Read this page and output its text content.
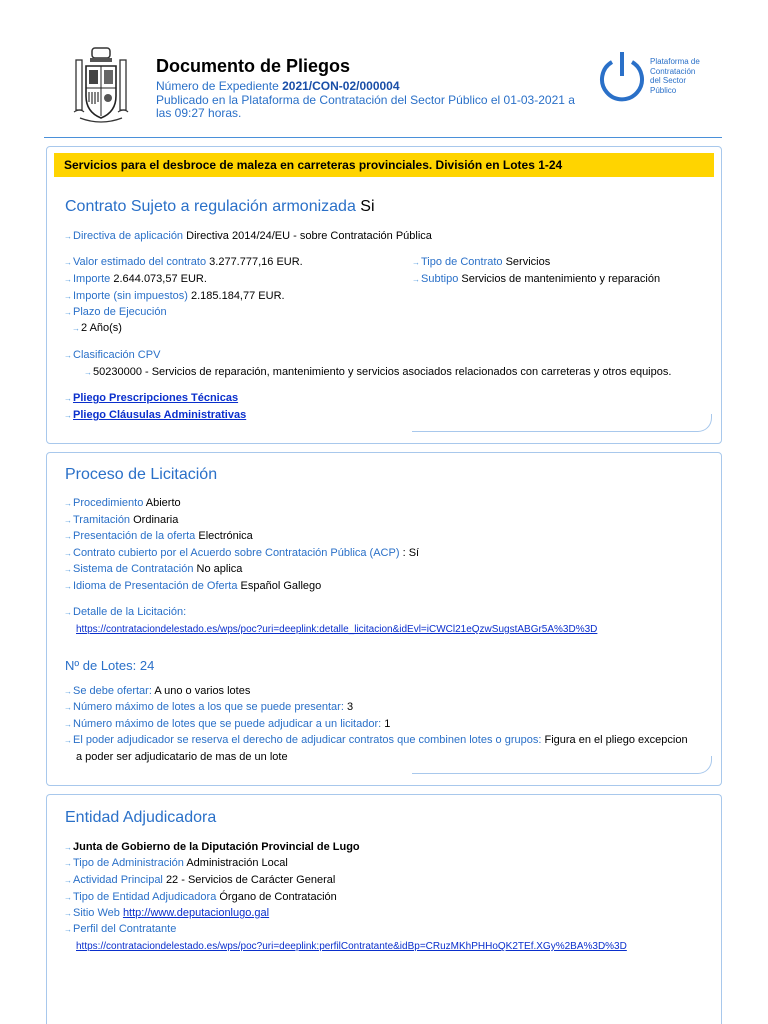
Documento de Pliegos
Número de Expediente 2021/CON-02/000004
Publicado en la Plataforma de Contratación del Sector Público el 01-03-2021 a
las 09:27 horas.
Plataforma de
Contratación
del Sector
Público
Servicios para el desbroce de maleza en carreteras provinciales. División en Lotes 1-24
Contrato Sujeto a regulación armonizada Si
→Directiva de aplicación Directiva 2014/24/EU - sobre Contratación Pública
→Valor estimado del contrato 3.277.777,16 EUR.
→Importe 2.644.073,57 EUR.
→Importe (sin impuestos) 2.185.184,77 EUR.
→Plazo de Ejecución
→2 Año(s)
→Tipo de Contrato Servicios
→Subtipo Servicios de mantenimiento y reparación
→Clasificación CPV
→50230000 - Servicios de reparación, mantenimiento y servicios asociados relacionados con carreteras y otros equipos.
→Pliego Prescripciones Técnicas
→Pliego Cláusulas Administrativas
Proceso de Licitación
→Procedimiento Abierto
→Tramitación Ordinaria
→Presentación de la oferta Electrónica
→Contrato cubierto por el Acuerdo sobre Contratación Pública (ACP) : Sí
→Sistema de Contratación No aplica
→Idioma de Presentación de Oferta Español Gallego
→Detalle de la Licitación:
https://contrataciondelestado.es/wps/poc?uri=deeplink:detalle_licitacion&idEvl=iCWCl21eQzwSugstABGr5A%3D%3D
Nº de Lotes: 24
→Se debe ofertar: A uno o varios lotes
→Número máximo de lotes a los que se puede presentar: 3
→Número máximo de lotes que se puede adjudicar a un licitador: 1
→El poder adjudicador se reserva el derecho de adjudicar contratos que combinen lotes o grupos: Figura en el pliego excepcion
a poder ser adjudicatario de mas de un lote
Entidad Adjudicadora
→Junta de Gobierno de la Diputación Provincial de Lugo
→Tipo de Administración Administración Local
→Actividad Principal 22 - Servicios de Carácter General
→Tipo de Entidad Adjudicadora Órgano de Contratación
→Sitio Web http://www.deputacionlugo.gal
→Perfil del Contratante
https://contrataciondelestado.es/wps/poc?uri=deeplink:perfilContratante&idBp=CRuzMKhPHHoQK2TEf.XGy%2BA%3D%3D
